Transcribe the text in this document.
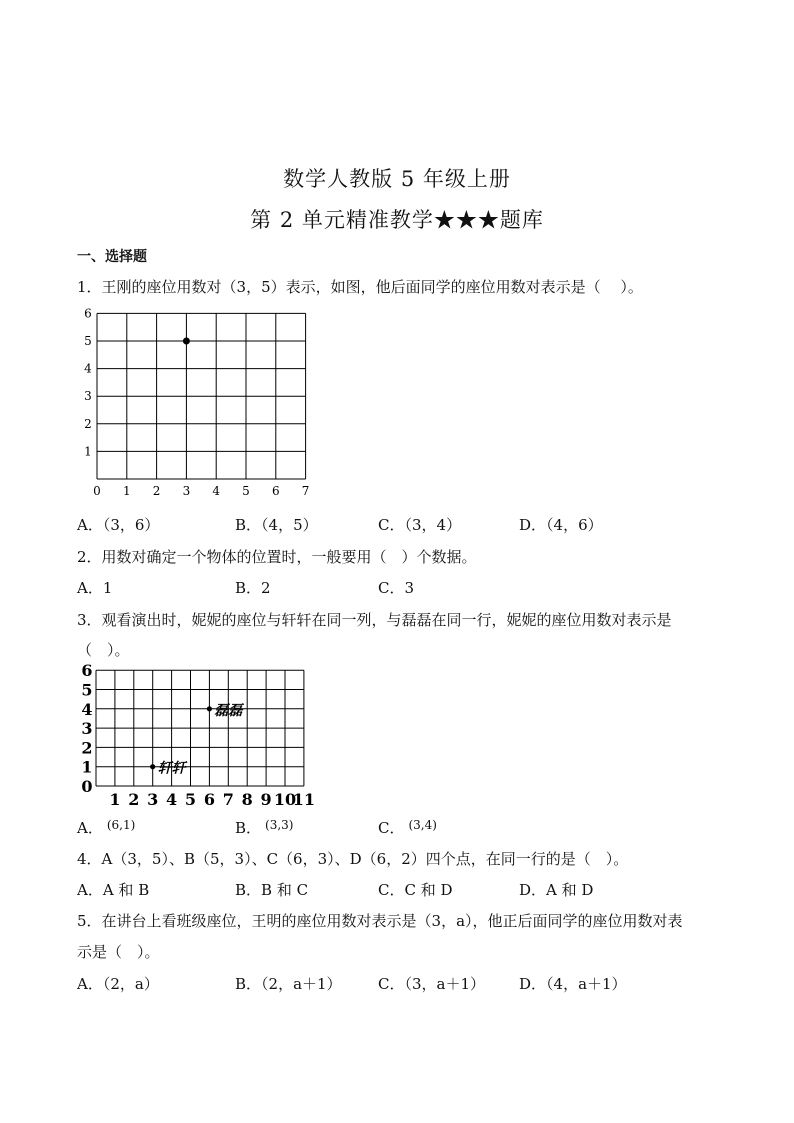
数学人教版 5 年级上册
第 2 单元精准教学★★★题库
一、选择题
1．王刚的座位用数对（3，5）表示，如图，他后面同学的座位用数对表示是（　 ）。
0 1 2 3 4 5 6 7
1
2
3
4
5
6
A．（3，6）	B．（4，5）	C．（3，4）	D．（4，6）
2．用数对确定一个物体的位置时，一般要用（　）个数据。
A．1	B．2	C．3
3．观看演出时，妮妮的座位与轩轩在同一列，与磊磊在同一行，妮妮的座位用数对表示是
（　）。
1 2 3 4 5 6 7 8 9 10
11
0
1
2
3
4
5
6
磊磊
轩轩
A． $^{(6,1)}$	B． $^{(3,3)}$	C． $^{(3,4)}$
4．A（3，5）、B（5，3）、C（6，3）、D（6，2）四个点，在同一行的是（　）。
A．A 和 B	B．B 和 C	C．C 和 D	D．A 和 D
5．在讲台上看班级座位，王明的座位用数对表示是（3，a），他正后面同学的座位用数对表
示是（　）。
A．（2，a）	B．（2，a＋1） C．（3，a＋1） D．（4，a＋1）
